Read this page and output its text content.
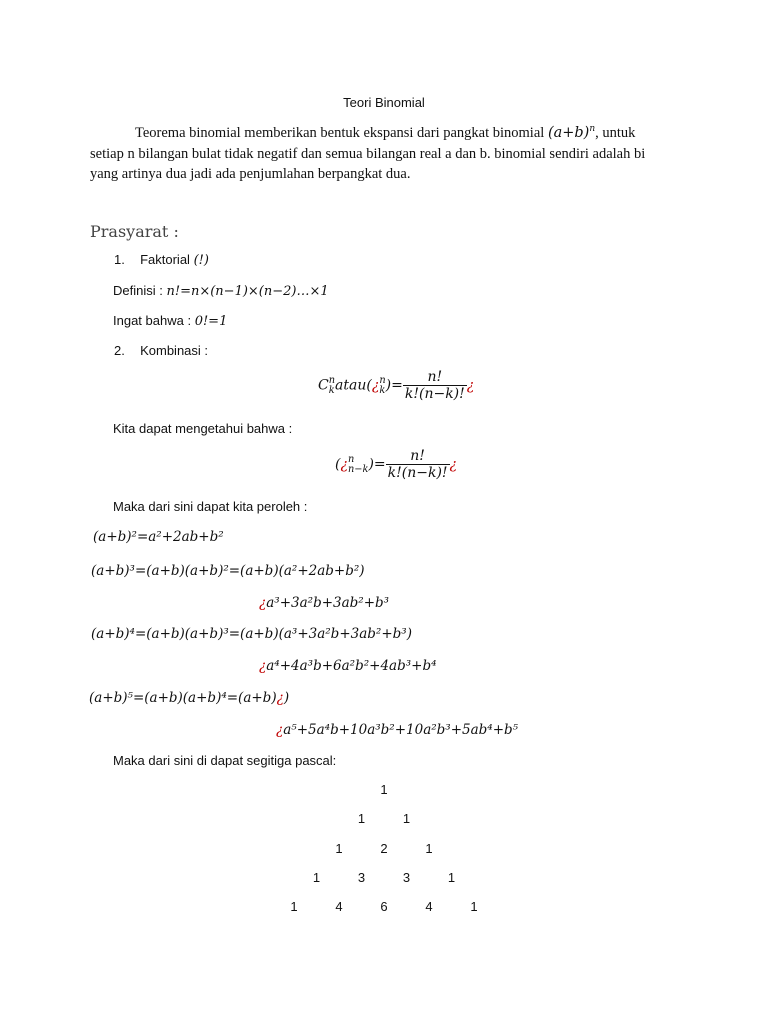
Teori Binomial
Teorema binomial memberikan bentuk ekspansi dari pangkat binomial $(a+b)^n$, untuk
setiap n bilangan bulat tidak negatif dan semua bilangan real a dan b. binomial sendiri adalah bi
yang artinya dua jadi ada penjumlahan berpangkat dua.
Prasyarat :
1. Faktorial (!)
Definisi : n!=n×(n−1)×(n−2)…×1
Ingat bahwa : 0!=1
2. Kombinasi :
C n
k atau(¿ n
k )= $\frac{n!}{k!(n-k)!}$ ¿
Kita dapat mengetahui bahwa :
(¿ n
n−k )= $\frac{n!}{k!(n-k)!}$ ¿
Maka dari sini dapat kita peroleh :
(a+b)²=a²+2ab+b²
(a+b)³=(a+b)(a+b)²=(a+b)(a²+2ab+b²)
¿a³+3a²b+3ab²+b³
(a+b)⁴=(a+b)(a+b)³=(a+b)(a³+3a²b+3ab²+b³)
¿a⁴+4a³b+6a²b²+4ab³+b⁴
(a+b)⁵=(a+b)(a+b)⁴=(a+b)¿)
¿a⁵+5a⁴b+10a³b²+10a²b³+5ab⁴+b⁵
Maka dari sini di dapat segitiga pascal:
1
1	1
1	2	1
1	3	3	1
1	4	6	4	1
